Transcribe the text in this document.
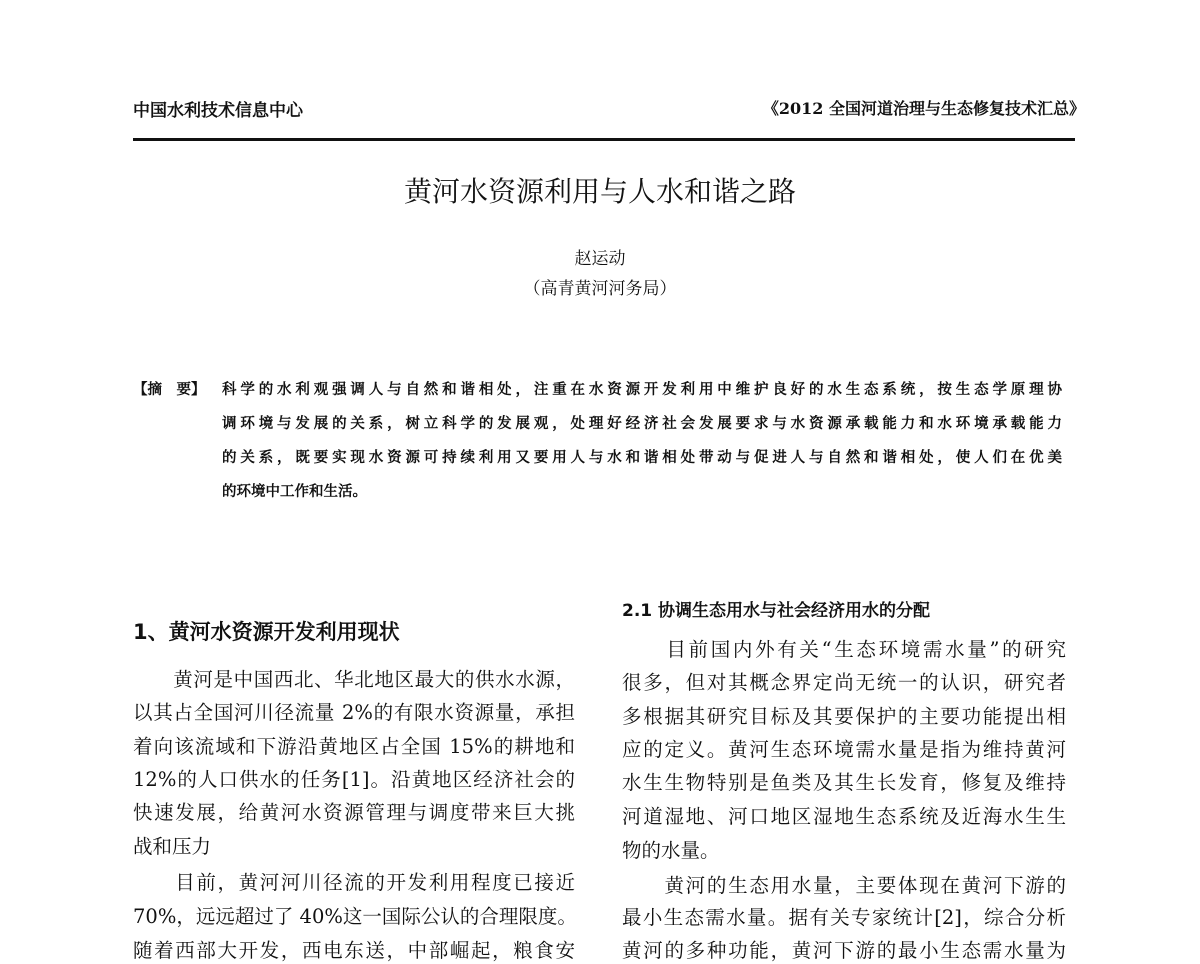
中国水利技术信息中心	《2012 全国河道治理与生态修复技术汇总》
黄河水资源利用与人水和谐之路
赵运动
（高青黄河河务局）
【摘　要】 科学的水利观强调人与自然和谐相处，注重在水资源开发利用中维护良好的水生态系统，按生态学原理协
调环境与发展的关系，树立科学的发展观，处理好经济社会发展要求与水资源承载能力和水环境承载能力
的关系，既要实现水资源可持续利用又要用人与水和谐相处带动与促进人与自然和谐相处，使人们在优美
的环境中工作和生活。
1、黄河水资源开发利用现状
　　黄河是中国西北、华北地区最大的供水水源，
以其占全国河川径流量 2%的有限水资源量，承担
着向该流域和下游沿黄地区占全国 15%的耕地和
12%的人口供水的任务[1]。沿黄地区经济社会的
快速发展，给黄河水资源管理与调度带来巨大挑
战和压力
　　目前，黄河河川径流的开发利用程度已接近
70%，远远超过了 40%这一国际公认的合理限度。
随着西部大开发，西电东送，中部崛起，粮食安
2.1 协调生态用水与社会经济用水的分配
　　目前国内外有关“生态环境需水量”的研究
很多，但对其概念界定尚无统一的认识，研究者
多根据其研究目标及其要保护的主要功能提出相
应的定义。黄河生态环境需水量是指为维持黄河
水生生物特别是鱼类及其生长发育，修复及维持
河道湿地、河口地区湿地生态系统及近海水生生
物的水量。
　　黄河的生态用水量，主要体现在黄河下游的
最小生态需水量。据有关专家统计[2]，综合分析
黄河的多种功能，黄河下游的最小生态需水量为
